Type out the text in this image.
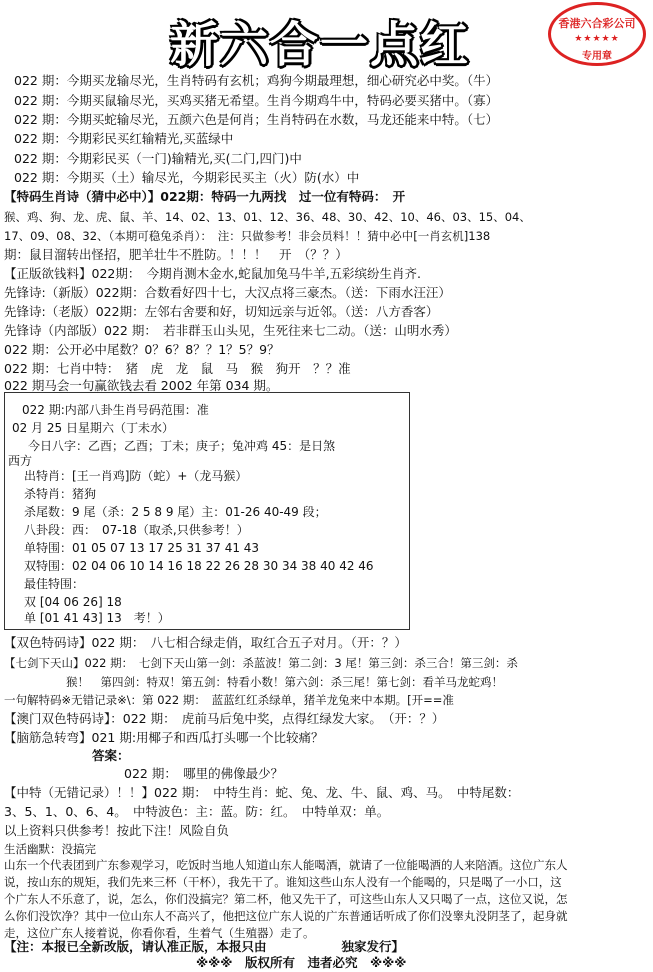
新六合一点红	香港六合彩公司
★★★★★
专用章
022 期：今期买龙输尽光，生肖特码有玄机；鸡狗今期最理想，细心研究必中奖。（牛）
022 期：今期买鼠输尽光，买鸡买猪无希望。生肖今期鸡牛中，特码必要买猪中。（寡）
022 期：今期买蛇输尽光，五颜六色是何肖；生肖特码在水数，马龙还能来中特。（七）
022 期：今期彩民买红输精光,买蓝绿中
022 期：今期彩民买（一门)输精光,买(二门,四门)中
022 期：今期买（土）输尽光，今期彩民买主（火）防(水）中
【特码生肖诗（猜中必中）】022期：特码一九两找　过一位有特码：　开
猴、鸡、狗、龙、虎、鼠、羊、14、02、13、01、12、36、48、30、42、10、46、03、15、04、
17、09、08、32、（本期可稳兔杀肖）：　注：只做参考！非会员料！！猜中必中[一肖玄机]138
期：鼠目溜转出怪招，肥羊壮牛不胜防。！！！　开　（？？）
【正版欲钱料】022期：　今期肖测木金水,蛇鼠加兔马牛羊,五彩缤纷生肖齐.
先锋诗:（新版）022期：合数看好四十七，大汉点将三豪杰。（送：下雨水汪汪）
先锋诗:（老版）022期：左邻右舍要和好，切知远亲与近邻。（送：八方香客）
先锋诗（内部版）022 期：　若非群玉山头见，生死往来七二动。（送：山明水秀）
022 期：公开必中尾数？0？6？8？？1？5？9？
022 期：七肖中特：　猪　虎　龙　鼠　马　猴　狗开　？？准
022 期马会一句赢欲钱去看 2002 年第 034 期。
022 期:内部八卦生肖号码范围：准
02 月 25 日星期六（丁未水）
今日八字：乙酉；乙酉；丁未；庚子；兔冲鸡 45：是日煞
西方
出特肖：[王一肖鸡]防（蛇）+（龙马猴）
杀特肖：猪狗
杀尾数：9 尾（杀：2 5 8 9 尾）主：01-26 40-49 段；
八卦段：西：　07-18（取杀,只供参考！）
单特围：01 05 07 13 17 25 31 37 41 43
双特围：02 04 06 10 14 16 18 22 26 28 30 34 38 40 42 46
最佳特围：
双 [04 06 26] 18
单 [01 41 43] 13　考！）
【双色特码诗】022 期：　八七相合绿走俏，取红合五子对月。（开：？）
【七剑下天山】022 期：　七剑下天山第一剑：杀蓝波！第二剑：3 尾！第三剑：杀三合！第三剑：杀
猴！　第四剑：特双！第五剑：特看小数！第六剑：杀三尾！第七剑：看羊马龙蛇鸡！
一句解特码※无错记录※\：第 022 期：　蓝蓝红红杀绿单，猪羊龙兔来中本期。[开==准
【澳门双色特码诗】：022 期：　虎前马后兔中奖，点得红绿发大家。　（开：？）
【脑筋急转弯】021 期:用椰子和西瓜打头哪一个比较痛？
答案：
022 期：　哪里的佛像最少？
【中特（无错记录）！！】022 期：　中特生肖：蛇、兔、龙、牛、鼠、鸡、马。　中特尾数：
3、5、1、0、6、4。　中特波色：主：蓝。防：红。　中特单双：单。
以上资料只供参考！按此下注！风险自负
生活幽默：没搞完
山东一个代表团到广东参观学习，吃饭时当地人知道山东人能喝酒，就请了一位能喝酒的人来陪酒。这位广东人
说，按山东的规矩，我们先来三杯（干杯），我先干了。谁知这些山东人没有一个能喝的，只是喝了一小口，这
个广东人不乐意了，说，怎么，你们没搞完？第二杯，他又先干了，可这些山东人又只喝了一点，这位又说，怎
么你们没饮净？其中一位山东人不高兴了，他把这位广东人说的广东普通话听成了你们没睾丸没阴茎了，起身就
走，这位广东人接着说，你看你看，生着气（生殖器）走了。
【注：本报已全新改版，请认准正版，本报只由　　　　　　独家发行】
※※※　版权所有　违者必究　※※※
